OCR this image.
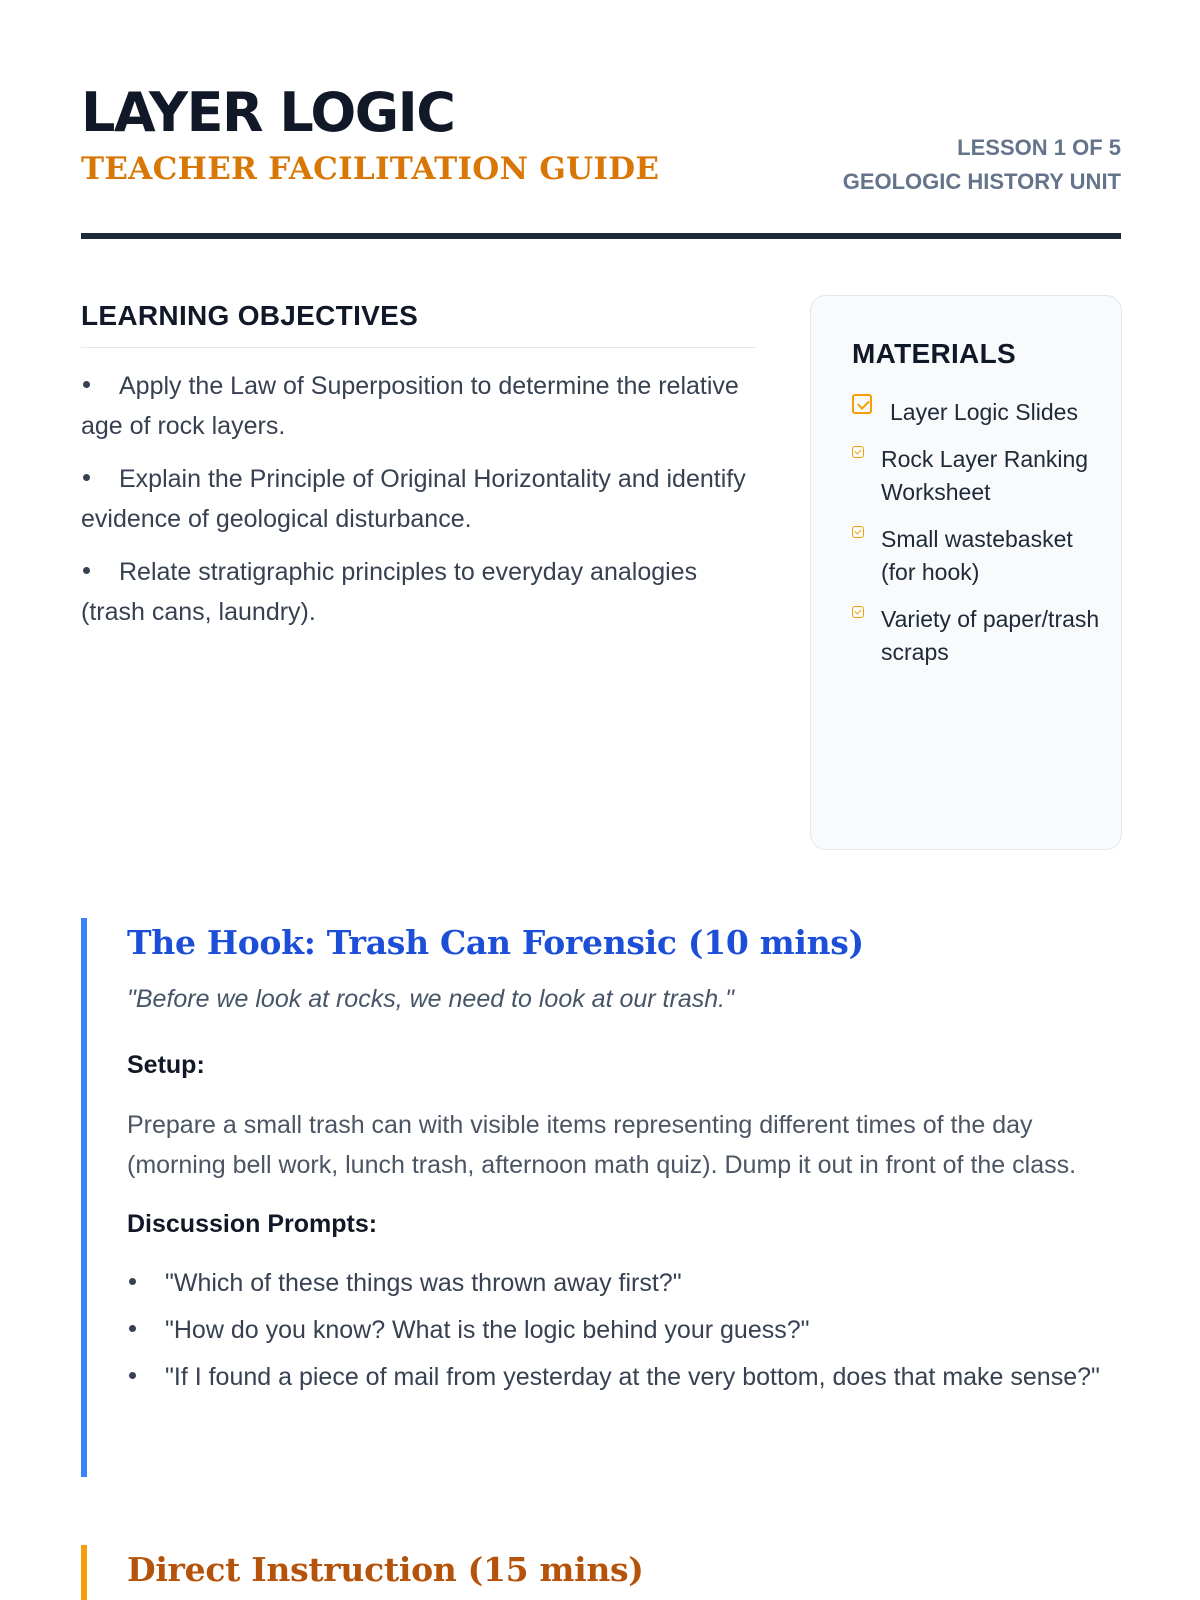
LAYER LOGIC
TEACHER FACILITATION GUIDE
LESSON 1 OF 5
GEOLOGIC HISTORY UNIT
LEARNING OBJECTIVES
Apply the Law of Superposition to determine the relative age of rock layers.
Explain the Principle of Original Horizontality and identify evidence of geological disturbance.
Relate stratigraphic principles to everyday analogies (trash cans, laundry).
MATERIALS
Layer Logic Slides
Rock Layer Ranking Worksheet
Small wastebasket (for hook)
Variety of paper/trash scraps
The Hook: Trash Can Forensic (10 mins)

"Before we look at rocks, we need to look at our trash."

Setup:

Prepare a small trash can with visible items representing different times of the day (morning bell work, lunch trash, afternoon math quiz). Dump it out in front of the class.

Discussion Prompts:
"Which of these things was thrown away first?"
"How do you know? What is the logic behind your guess?"
"If I found a piece of mail from yesterday at the very bottom, does that make sense?"
Direct Instruction (15 mins)
